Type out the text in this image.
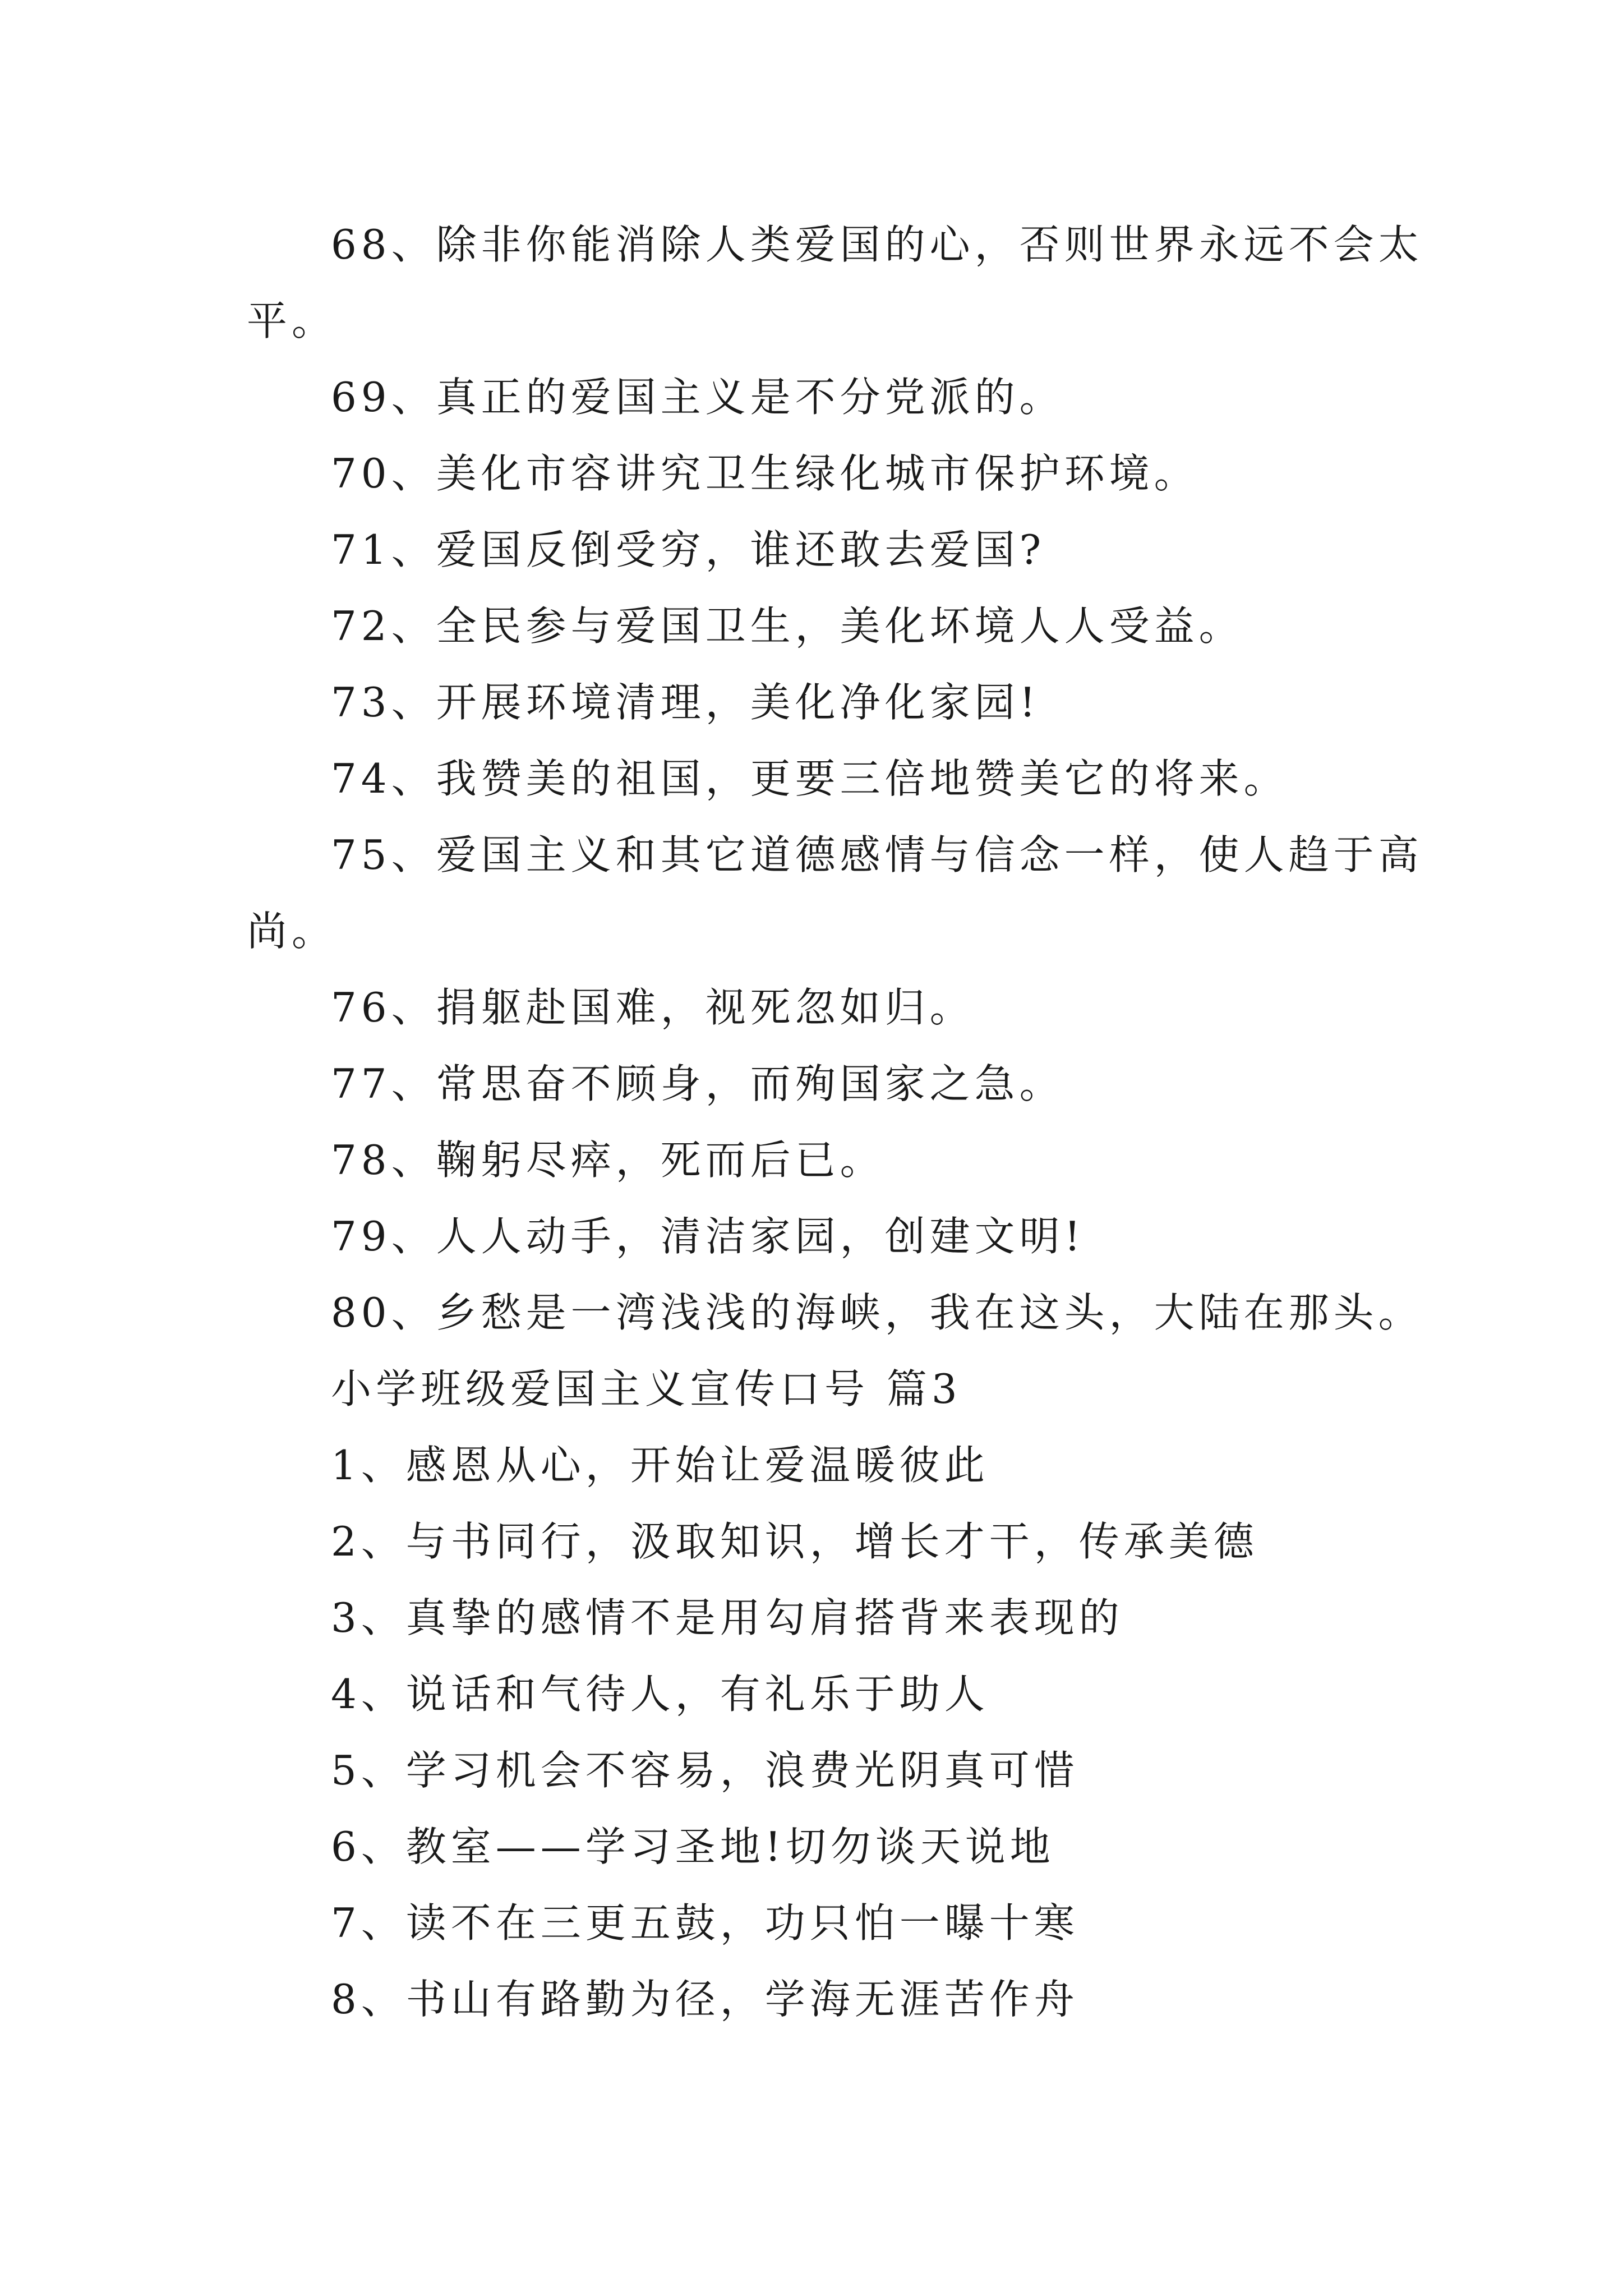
68、除非你能消除人类爱国的心，否则世界永远不会太
平。
69、真正的爱国主义是不分党派的。
70、美化市容讲究卫生绿化城市保护环境。
71、爱国反倒受穷，谁还敢去爱国?
72、全民参与爱国卫生，美化坏境人人受益。
73、开展环境清理，美化净化家园!
74、我赞美的祖国，更要三倍地赞美它的将来。
75、爱国主义和其它道德感情与信念一样，使人趋于高
尚。
76、捐躯赴国难，视死忽如归。
77、常思奋不顾身，而殉国家之急。
78、鞠躬尽瘁，死而后已。
79、人人动手，清洁家园，创建文明!
80、乡愁是一湾浅浅的海峡，我在这头，大陆在那头。
小学班级爱国主义宣传口号 篇3
1、感恩从心，开始让爱温暖彼此
2、与书同行，汲取知识，增长才干，传承美德
3、真挚的感情不是用勾肩搭背来表现的
4、说话和气待人，有礼乐于助人
5、学习机会不容易，浪费光阴真可惜
6、教室——学习圣地!切勿谈天说地
7、读不在三更五鼓，功只怕一曝十寒
8、书山有路勤为径，学海无涯苦作舟
